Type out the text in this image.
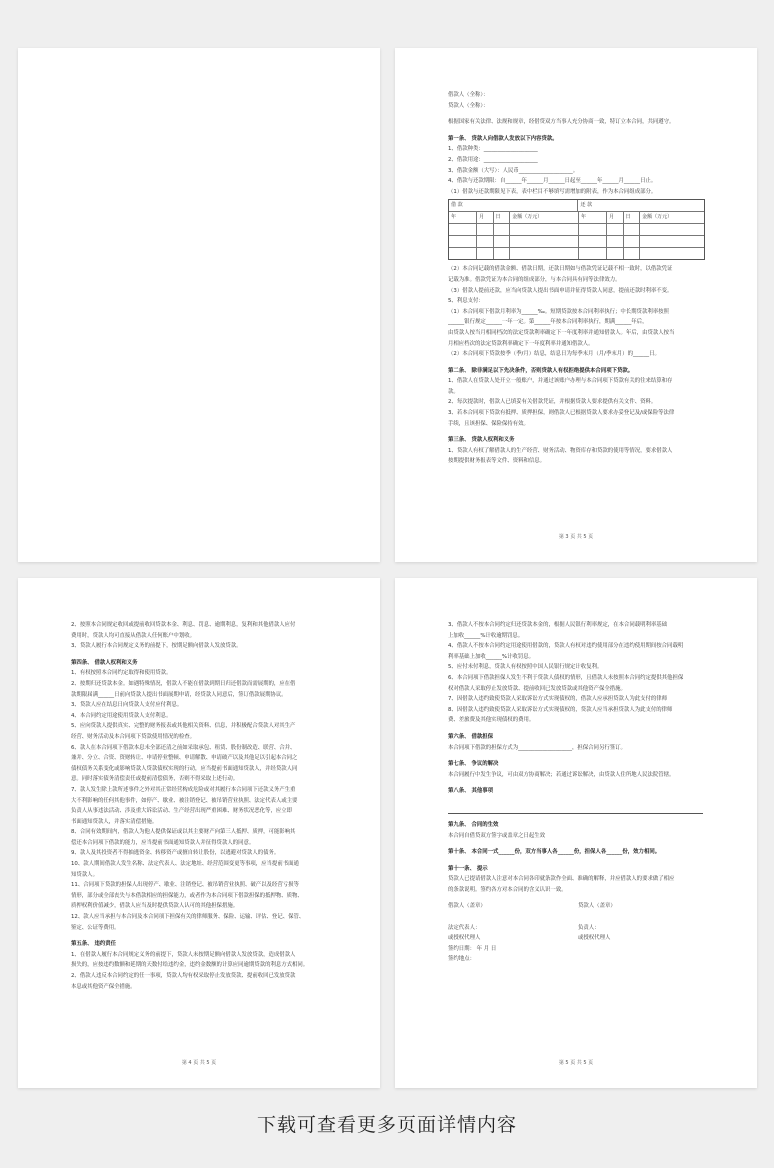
借款人（全称）：
贷款人（全称）：
根据国家有关法律、法规和规章，经借贷双方当事人充分协商一致，特订立本合同，共同遵守。
第一条、 贷款人向借款人发放以下内容贷款。
1、借款种类：____________________
2、借款用途：____________________
3、借款金额（大写）：人民币____________________。
4、借款与还款期限：自______年______月______日起至______年______月______日止。
（1）借款与还款期限见下表，表中栏目不够填写需增加的附表，作为本合同组成部分。
借 款	还 款
年	月	日	金额（万元）	年	月	日	金额（万元）
（2）本合同记载的借款金额、借款日期，还款日期如与借款凭证记载不相一致时，以借款凭证
记载为准。借款凭证为本合同的组成部分，与本合同具有同等法律效力。
（3）借款人提前还款，应当向贷款人提出书面申请并征得贷款人同意，提前还款时利率不变。
5、利息支付：
（1）本合同项下借款月利率为______‰。短期贷款按本合同利率执行；中长期贷款利率按照
______银行规定______一年一定。第______年按本合同利率执行，期满______年后，
由贷款人按当月相同档次的法定贷款利率确定下一年度利率并通知借款人。年后，由贷款人按当
月相应档次的法定贷款利率确定下一年度利率并通知借款人。
（2）本合同项下贷款按季（季/月）结息，结息日为每季末月（月/季末月）的______日。
第二条、 除非满足以下先决条件，否则贷款人有权拒绝提供本合同项下贷款。
1、借款人在贷款人处开立一般账户，并通过该账户办理与本合同项下贷款有关的往来结算和存
款。
2、每次提款时，借款人已填妥有关借款凭证，并根据贷款人要求提供有关文件、资料。
3、若本合同项下贷款有抵押、质押担保，则借款人已根据贷款人要求办妥登记及/或保险等法律
手续，且该担保、保险保持有效。
第三条、 贷款人权利和义务
1、贷款人有权了解借款人的生产经营、财务活动、物资库存和贷款的使用等情况，要求借款人
按期提供财务报表等文件、资料和信息。
第 3 页 共 5 页
2、按照本合同规定收回或提前收回贷款本金、利息、罚息、逾期利息，复利和其他借款人应付
费用时，贷款人均可直接从借款人任何账户中划收。
3、贷款人履行本合同规定义务的前提下，按期足额向借款人发放贷款。
第四条、 借款人权利和义务
1、有权按照本合同约定取得和使用贷款。
2、按期归还贷款本金。如遇特殊情况，借款人不能在借款到期日归还借款而需展期的，应在借
款期限届满______日前向贷款人提出书面展期申请，经贷款人同意后，签订借款展期协议。
3、贷款人应在结息日向贷款人支付应付利息。
4、本合同约定用途使用贷款人支付利息。
5、应向贷款人提供真实、完整的财务报表或其他相关资料、信息，并积极配合贷款人对其生产
经营、财务活动及本合同项下贷款使用情况的检查。
6、款人在本合同项下借款本息未全部还清之前如采取承包、租赁、股份制改造、联营、合并、
兼并、分立、合资、资财转让、申请停业整顿、申请解散、申请破产以及其他足以引起本合同之
债权债务关系变化或影响贷款人贷款债权实现的行动，应当提前书面通知贷款人，并经贷款人同
意。同时落实债务清偿责任或提前清偿债务，否则不得采取上述行动。
7、款人发生除上款所述事件之外对其正常经营构成危险或对其履行本合同项下还款义务产生重
大不利影响的任何其他事件，如停产、歇业、被注销登记、被吊销营业执照、法定代表人或主要
负责人从事违法活动、涉及重大诉讼活动、生产经营出现严重困难、财务状况恶化等，应立即
书面通知贷款人，并落实清偿措施。
8、合同有效期间内，借款人为他人提供保证或以其主要财产向第三人抵押、质押，可能影响其
偿还本合同项下借款的能力，应当提前书面通知贷款人并征得贷款人的同意。
9、款人及其投资者不得抽逃资金、转移资产或擅自转让股份，以逃避对贷款人的债务。
10、款人期间借款人发生名称、法定代表人、法定地址、经营范围变更等事项，应当提前书面通
知贷款人。
11、合同项下贷款的担保人出现停产、歇业、注销登记、被吊销营业执照、破产以及经营亏损等
情形，部分或全部丧失与本借款相应的担保能力，或者作为本合同项下借款担保的抵押物、质物、
质押权利价值减少，借款人应当及时提供贷款人认可的其他担保措施。
12、款人应当承担与本合同及本合同项下担保有关的律师服务、保险、运输、评估、登记、保管、
鉴定、公证等费用。
第五条、 违约责任
1、在借款人履行本合同规定义务的前提下，贷款人未按期足额向借款人发放贷款，造成借款人
损失的，应按违约数额和延期的天数付给违约金，违约金数额的计算应同逾期贷款的利息方式相同。
2、借款人违反本合同约定的任一事项，贷款人均有权采取停止发放贷款、提前收回已发放贷款
本息或其他资产保全措施。
第 4 页 共 5 页
3、借款人不按本合同约定归还贷款本金的，根据人民银行利率规定，在本合同载明利率基础
上加收______%计收逾期罚息。
4、借款人不按本合同约定用途使用借款的，贷款人有权对违约使用部分在违约使用期间按合同载明
利率基础上加收______%计收罚息。
5、应付未付利息，贷款人有权按照中国人民银行规定计收复利。
6、本合同项下借款担保人发生不利于贷款人债权的情形，且借款人未按照本合同约定提供其他担保
权对借款人采取停止发放贷款、提前收回已发放贷款或其他资产保全措施。
7、因借款人违约致使贷款人采取诉讼方式实现债权的，借款人应承担贷款人为此支付的律师
8、因借款人违约致使贷款人采取诉讼方式实现债权的，贷款人应当承担贷款人为此支付的律师
费、差旅费及其他实现债权的费用。
第六条、 借款担保
本合同项下借款的担保方式为____________________，担保合同另行签订。
第七条、 争议的解决
本合同履行中发生争议，可由双方协商解决；若通过诉讼解决，由贷款人住所地人民法院管辖。
第八条、 其他事项
第九条、 合同的生效
本合同自借贷双方签字或盖章之日起生效
第十条、 本合同一式______份，双方当事人各______份，担保人各______份，效力相同。
第十一条、 提示
贷款人已提请借款人注意对本合同各印就条款作全面、准确的解释，并应借款人的要求做了相应
的条款说明。签约各方对本合同的含义认识一致。
借款人（盖章）
法定代表人：
或授权代理人
签约日期： 年 月 日
签约地点：
贷款人（盖章）
负责人：
或授权代理人
第 5 页 共 5 页
下载可查看更多页面详情内容
